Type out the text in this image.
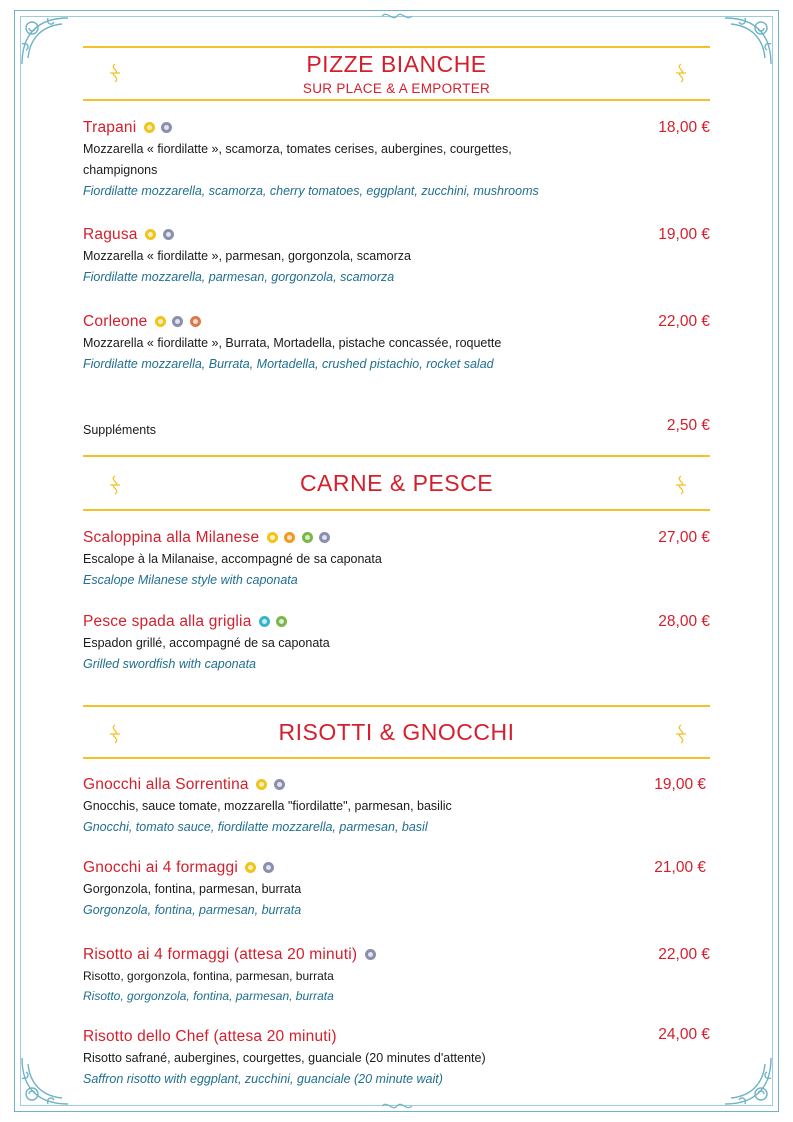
PIZZE BIANCHE
SUR PLACE & A EMPORTER
Trapani	18,00 €
Mozzarella « fiordilatte », scamorza, tomates cerises, aubergines, courgettes, champignons
Fiordilatte mozzarella, scamorza, cherry tomatoes, eggplant, zucchini, mushrooms
Ragusa	19,00 €
Mozzarella « fiordilatte », parmesan, gorgonzola, scamorza
Fiordilatte mozzarella, parmesan, gorgonzola, scamorza
Corleone	22,00 €
Mozzarella « fiordilatte », Burrata, Mortadella, pistache concassée, roquette
Fiordilatte mozzarella, Burrata, Mortadella, crushed pistachio, rocket salad
Suppléments	2,50 €
CARNE & PESCE
Scaloppina alla Milanese	27,00 €
Escalope à la Milanaise, accompagné de sa caponata
Escalope Milanese style with caponata
Pesce spada alla griglia	28,00 €
Espadon grillé, accompagné de sa caponata
Grilled swordfish with caponata
RISOTTI & GNOCCHI
Gnocchi alla Sorrentina	19,00 €
Gnocchis, sauce tomate, mozzarella "fiordilatte", parmesan, basilic
Gnocchi, tomato sauce, fiordilatte mozzarella, parmesan, basil
Gnocchi ai 4 formaggi	21,00 €
Gorgonzola, fontina, parmesan, burrata
Gorgonzola, fontina, parmesan, burrata
Risotto ai 4 formaggi (attesa 20 minuti)	22,00 €
Risotto, gorgonzola, fontina, parmesan, burrata
Risotto, gorgonzola, fontina, parmesan, burrata
Risotto dello Chef (attesa 20 minuti)	24,00 €
Risotto safrané, aubergines, courgettes, guanciale (20 minutes d'attente)
Saffron risotto with eggplant, zucchini, guanciale (20 minute wait)
